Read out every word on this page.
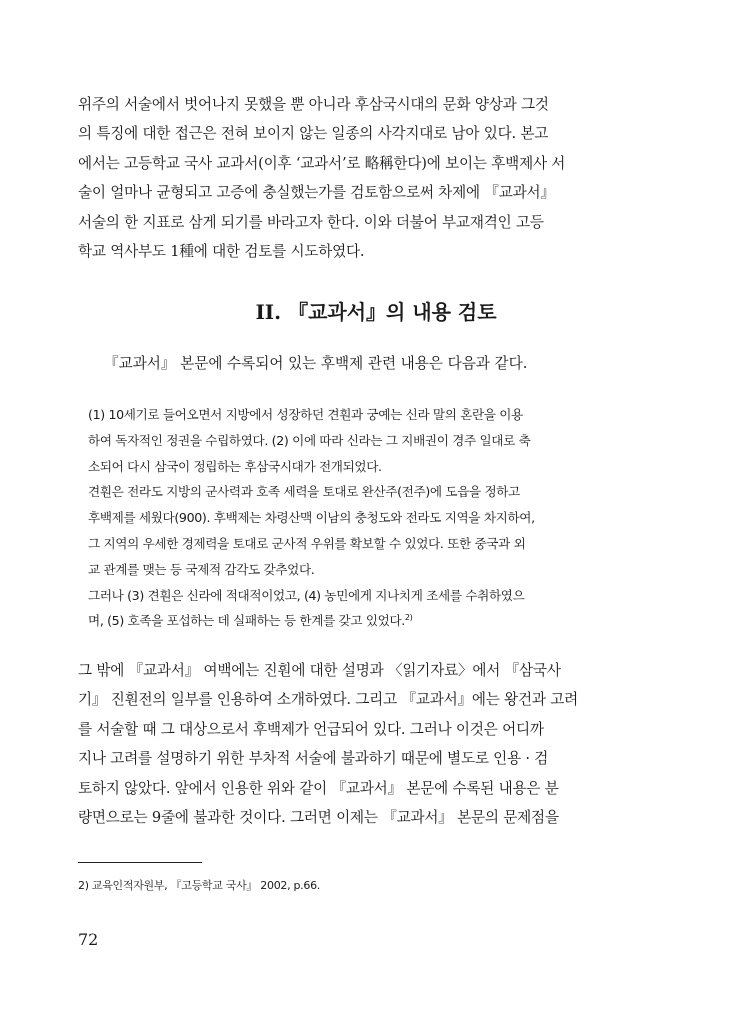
위주의 서술에서 벗어나지 못했을 뿐 아니라 후삼국시대의 문화 양상과 그것

의 특징에 대한 접근은 전혀 보이지 않는 일종의 사각지대로 남아 있다. 본고

에서는 고등학교 국사 교과서(이후 ‘교과서’로 略稱한다)에 보이는 후백제사 서

술이 얼마나 균형되고 고증에 충실했는가를 검토함으로써 차제에 『교과서』

서술의 한 지표로 삼게 되기를 바라고자 한다. 이와 더불어 부교재격인 고등

학교 역사부도 1種에 대한 검토를 시도하였다.

II. 『교과서』의 내용 검토
『교과서』 본문에 수록되어 있는 후백제 관련 내용은 다음과 같다.

(1) 10세기로 들어오면서 지방에서 성장하던 견훤과 궁예는 신라 말의 혼란을 이용

하여 독자적인 정권을 수립하였다. (2) 이에 따라 신라는 그 지배권이 경주 일대로 축

소되어 다시 삼국이 정립하는 후삼국시대가 전개되었다.

견훤은 전라도 지방의 군사력과 호족 세력을 토대로 완산주(전주)에 도읍을 정하고

후백제를 세웠다(900). 후백제는 차령산맥 이남의 충청도와 전라도 지역을 차지하여,

그 지역의 우세한 경제력을 토대로 군사적 우위를 확보할 수 있었다. 또한 중국과 외

교 관계를 맺는 등 국제적 감각도 갖추었다.

그러나 (3) 견훤은 신라에 적대적이었고, (4) 농민에게 지나치게 조세를 수취하였으

며, (5) 호족을 포섭하는 데 실패하는 등 한계를 갖고 있었다.$^{2)}$

그 밖에 『교과서』 여백에는 진훤에 대한 설명과 〈읽기자료〉에서 『삼국사

기』 진훤전의 일부를 인용하여 소개하였다. 그리고 『교과서』에는 왕건과 고려

를 서술할 때 그 대상으로서 후백제가 언급되어 있다. 그러나 이것은 어디까

지나 고려를 설명하기 위한 부차적 서술에 불과하기 때문에 별도로 인용 · 검

토하지 않았다. 앞에서 인용한 위와 같이 『교과서』 본문에 수록된 내용은 분

량면으로는 9줄에 불과한 것이다. 그러면 이제는 『교과서』 본문의 문제점을

2) 교육인적자원부, 『고등학교 국사』 2002, p.66.
72
